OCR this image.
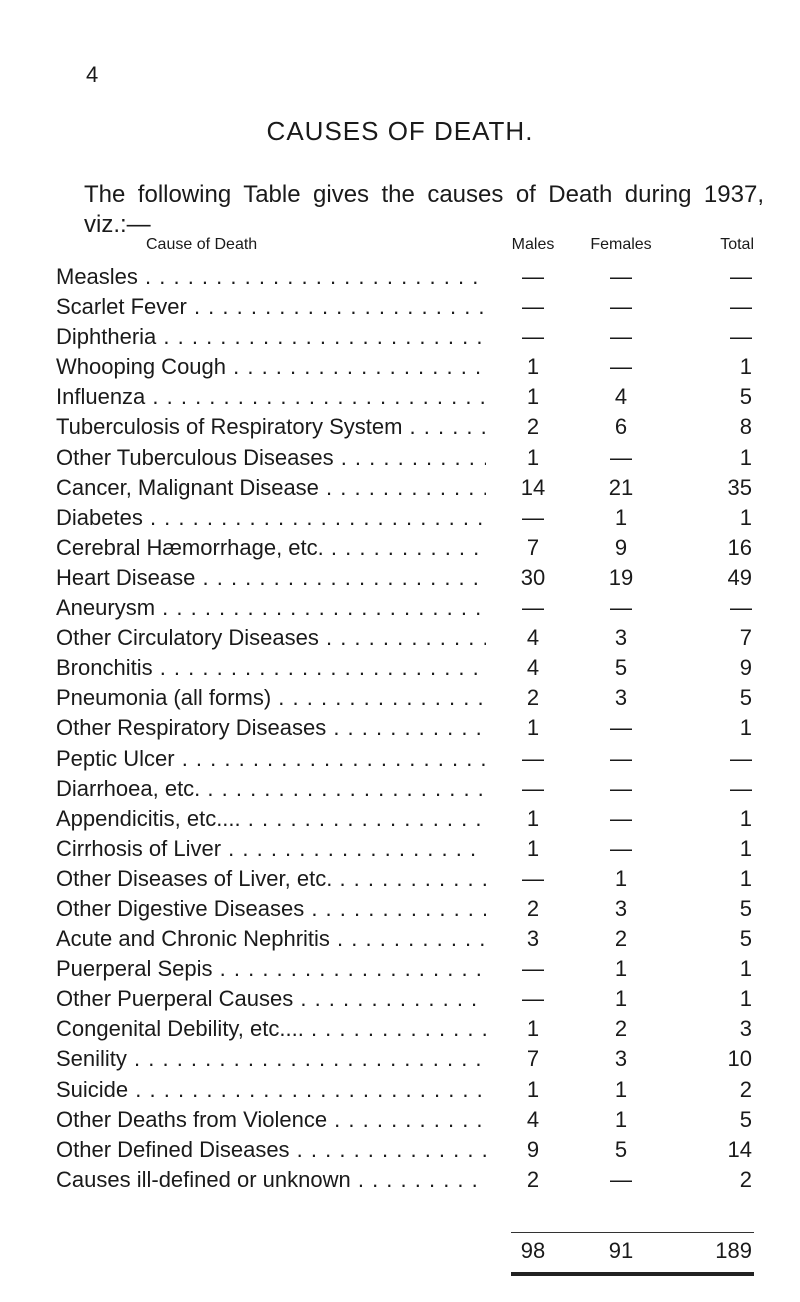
4
CAUSES OF DEATH.
The following Table gives the causes of Death during 1937,
viz.:—
Cause of Death	Males	Females	Total
Measles . . .	—	—	—
Scarlet Fever . . .	—	—	—
Diphtheria . . .	—	—	—
Whooping Cough . . .	1	—	1
Influenza . . .	1	4	5
Tuberculosis of Respiratory System . . .	2	6	8
Other Tuberculous Diseases . . .	1	—	1
Cancer, Malignant Disease . . .	14	21	35
Diabetes . . .	—	1	1
Cerebral Hæmorrhage, etc. . . .	7	9	16
Heart Disease . . .	30	19	49
Aneurysm . . .	—	—	—
Other Circulatory Diseases . . .	4	3	7
Bronchitis . . .	4	5	9
Pneumonia (all forms) . . .	2	3	5
Other Respiratory Diseases . . .	1	—	1
Peptic Ulcer . . .	—	—	—
Diarrhoea, etc. . . .	—	—	—
Appendicitis, etc.... . . .	1	—	1
Cirrhosis of Liver . . .	1	—	1
Other Diseases of Liver, etc. . . .	—	1	1
Other Digestive Diseases . . .	2	3	5
Acute and Chronic Nephritis . . .	3	2	5
Puerperal Sepis . . .	—	1	1
Other Puerperal Causes . . .	—	1	1
Congenital Debility, etc.... . . .	1	2	3
Senility . . .	7	3	10
Suicide . . .	1	1	2
Other Deaths from Violence . . .	4	1	5
Other Defined Diseases . . .	9	5	14
Causes ill-defined or unknown . . .	2	—	2
98	91	189
